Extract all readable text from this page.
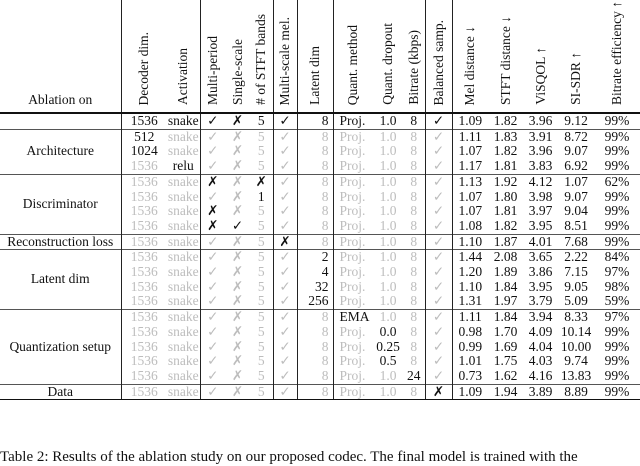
Ablation on	Decoder dim.	Activation	Multi-period	Single-scale	# of STFT bands	Multi-scale mel.	Latent dim	Quant. method	Quant. dropout	Bitrate (kbps)	Balanced samp.	Mel distance ↓	STFT distance ↓	ViSQOL ↑	SI-SDR ↑	Bitrate efficiency ↑
	1536	snake	✓	✗	5	✓	8	Proj.	1.0	8	✓	1.09	1.82	3.96	9.12	99%
Architecture	512	snake	✓	✗	5	✓	8	Proj.	1.0	8	✓	1.11	1.83	3.91	8.72	99%
	1024	snake	✓	✗	5	✓	8	Proj.	1.0	8	✓	1.07	1.82	3.96	9.07	99%
	1536	relu	✓	✗	5	✓	8	Proj.	1.0	8	✓	1.17	1.81	3.83	6.92	99%
Discriminator	1536	snake	✗	✗	✗	✓	8	Proj.	1.0	8	✓	1.13	1.92	4.12	1.07	62%
	1536	snake	✓	✗	1	✓	8	Proj.	1.0	8	✓	1.07	1.80	3.98	9.07	99%
	1536	snake	✗	✗	5	✓	8	Proj.	1.0	8	✓	1.07	1.81	3.97	9.04	99%
	1536	snake	✗	✓	5	✓	8	Proj.	1.0	8	✓	1.08	1.82	3.95	8.51	99%
Reconstruction loss	1536	snake	✓	✗	5	✗	8	Proj.	1.0	8	✓	1.10	1.87	4.01	7.68	99%
Latent dim	1536	snake	✓	✗	5	✓	2	Proj.	1.0	8	✓	1.44	2.08	3.65	2.22	84%
	1536	snake	✓	✗	5	✓	4	Proj.	1.0	8	✓	1.20	1.89	3.86	7.15	97%
	1536	snake	✓	✗	5	✓	32	Proj.	1.0	8	✓	1.10	1.84	3.95	9.05	98%
	1536	snake	✓	✗	5	✓	256	Proj.	1.0	8	✓	1.31	1.97	3.79	5.09	59%
Quantization setup	1536	snake	✓	✗	5	✓	8	EMA	1.0	8	✓	1.11	1.84	3.94	8.33	97%
	1536	snake	✓	✗	5	✓	8	Proj.	0.0	8	✓	0.98	1.70	4.09	10.14	99%
	1536	snake	✓	✗	5	✓	8	Proj.	0.25	8	✓	0.99	1.69	4.04	10.00	99%
	1536	snake	✓	✗	5	✓	8	Proj.	0.5	8	✓	1.01	1.75	4.03	9.74	99%
	1536	snake	✓	✗	5	✓	8	Proj.	1.0	24	✓	0.73	1.62	4.16	13.83	99%
Data	1536	snake	✓	✗	5	✓	8	Proj.	1.0	8	✗	1.09	1.94	3.89	8.89	99%
Table 2: Results of the ablation study on our proposed codec. The final model is trained with the
